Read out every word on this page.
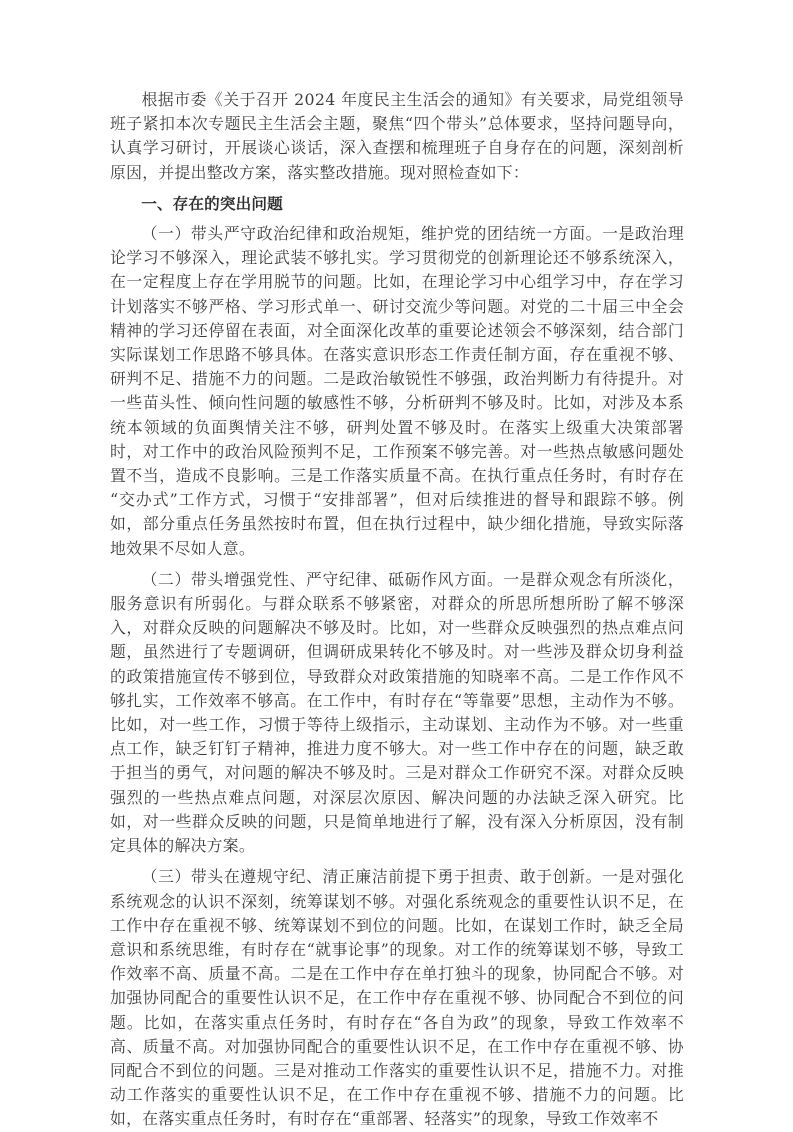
根据市委《关于召开 2024 年度民主生活会的通知》有关要求，局党组领导班子紧扣本次专题民主生活会主题，聚焦“四个带头”总体要求，坚持问题导向，认真学习研讨，开展谈心谈话，深入查摆和梳理班子自身存在的问题，深刻剖析原因，并提出整改方案，落实整改措施。现对照检查如下：

一、存在的突出问题

（一）带头严守政治纪律和政治规矩，维护党的团结统一方面。一是政治理论学习不够深入，理论武装不够扎实。学习贯彻党的创新理论还不够系统深入，在一定程度上存在学用脱节的问题。比如，在理论学习中心组学习中，存在学习计划落实不够严格、学习形式单一、研讨交流少等问题。对党的二十届三中全会精神的学习还停留在表面，对全面深化改革的重要论述领会不够深刻，结合部门实际谋划工作思路不够具体。在落实意识形态工作责任制方面，存在重视不够、研判不足、措施不力的问题。二是政治敏锐性不够强，政治判断力有待提升。对一些苗头性、倾向性问题的敏感性不够，分析研判不够及时。比如，对涉及本系统本领域的负面舆情关注不够，研判处置不够及时。在落实上级重大决策部署时，对工作中的政治风险预判不足，工作预案不够完善。对一些热点敏感问题处置不当，造成不良影响。三是工作落实质量不高。在执行重点任务时，有时存在“交办式”工作方式，习惯于“安排部署”，但对后续推进的督导和跟踪不够。例如，部分重点任务虽然按时布置，但在执行过程中，缺少细化措施，导致实际落地效果不尽如人意。

（二）带头增强党性、严守纪律、砥砺作风方面。一是群众观念有所淡化，服务意识有所弱化。与群众联系不够紧密，对群众的所思所想所盼了解不够深入，对群众反映的问题解决不够及时。比如，对一些群众反映强烈的热点难点问题，虽然进行了专题调研，但调研成果转化不够及时。对一些涉及群众切身利益的政策措施宣传不够到位，导致群众对政策措施的知晓率不高。二是工作作风不够扎实，工作效率不够高。在工作中，有时存在“等靠要”思想，主动作为不够。比如，对一些工作，习惯于等待上级指示，主动谋划、主动作为不够。对一些重点工作，缺乏钉钉子精神，推进力度不够大。对一些工作中存在的问题，缺乏敢于担当的勇气，对问题的解决不够及时。三是对群众工作研究不深。对群众反映强烈的一些热点难点问题，对深层次原因、解决问题的办法缺乏深入研究。比如，对一些群众反映的问题，只是简单地进行了解，没有深入分析原因，没有制定具体的解决方案。

（三）带头在遵规守纪、清正廉洁前提下勇于担责、敢于创新。一是对强化系统观念的认识不深刻，统筹谋划不够。对强化系统观念的重要性认识不足，在工作中存在重视不够、统筹谋划不到位的问题。比如，在谋划工作时，缺乏全局意识和系统思维，有时存在“就事论事”的现象。对工作的统筹谋划不够，导致工作效率不高、质量不高。二是在工作中存在单打独斗的现象，协同配合不够。对加强协同配合的重要性认识不足，在工作中存在重视不够、协同配合不到位的问题。比如，在落实重点任务时，有时存在“各自为政”的现象，导致工作效率不高、质量不高。对加强协同配合的重要性认识不足，在工作中存在重视不够、协同配合不到位的问题。三是对推动工作落实的重要性认识不足，措施不力。对推动工作落实的重要性认识不足，在工作中存在重视不够、措施不力的问题。比如，在落实重点任务时，有时存在“重部署、轻落实”的现象，导致工作效率不
